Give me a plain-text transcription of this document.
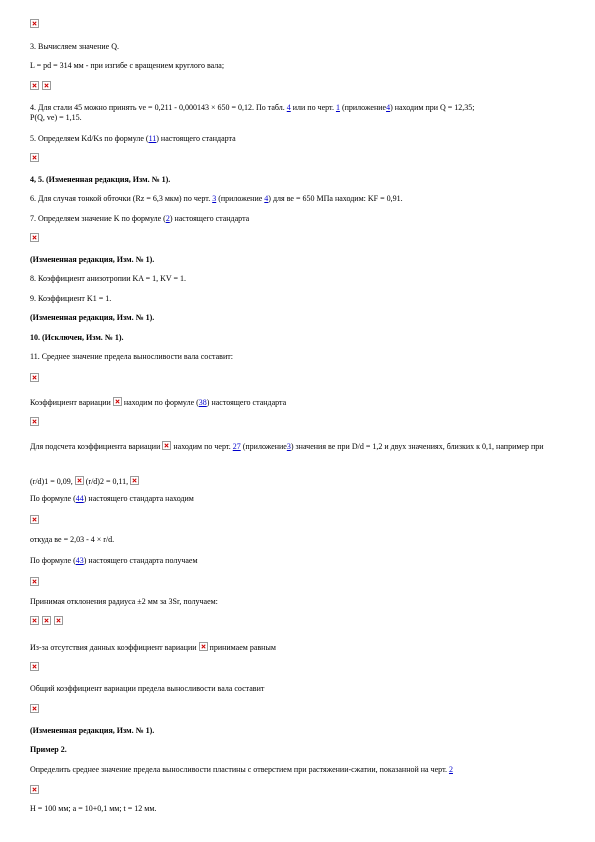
3. Вычисляем значение Q.
L = pd = 314 мм - при изгибе с вращением круглого вала;
4. Для стали 45 можно принять ve = 0,211 - 0,000143 × 650 = 0,12. По табл. 4 или по черт. 1 (приложение4) находим при Q = 12,35;
P(Q, ve) = 1,15.
5. Определяем Kd/Ks по формуле (11) настоящего стандарта
4, 5. (Измененная редакция, Изм. № 1).
6. Для случая тонкой обточки (Rz = 6,3 мкм) по черт. 3 (приложение 4) для ве = 650 МПа находим: KF = 0,91.
7. Определяем значение K по формуле (2) настоящего стандарта
(Измененная редакция, Изм. № 1).
8. Коэффициент анизотропии KA = 1, KV = 1.
9. Коэффициент K1 = 1.
(Измененная редакция, Изм. № 1).
10. (Исключен, Изм. № 1).
11. Среднее значение предела выносливости вала составит:
Коэффициент вариации находим по формуле (38) настоящего стандарта
Для подсчета коэффициента вариации находим по черт. 27 (приложение3) значения ве при D/d = 1,2 и двух значениях, близких к 0,1, например при
(r/d)1 = 0,09, (r/d)2 = 0,11,
По формуле (44) настоящего стандарта находим
откуда ве = 2,03 - 4 × r/d.
По формуле (43) настоящего стандарта получаем
Принимая отклонения радиуса ±2 мм за 3Sr, получаем:
Из-за отсутствия данных коэффициент вариации принимаем равным
Общий коэффициент вариации предела выносливости вала составит
(Измененная редакция, Изм. № 1).
Пример 2.
Определить среднее значение предела выносливости пластины с отверстием при растяжении-сжатии, показанной на черт. 2
H = 100 мм; а = 10+0,1 мм; t = 12 мм.
